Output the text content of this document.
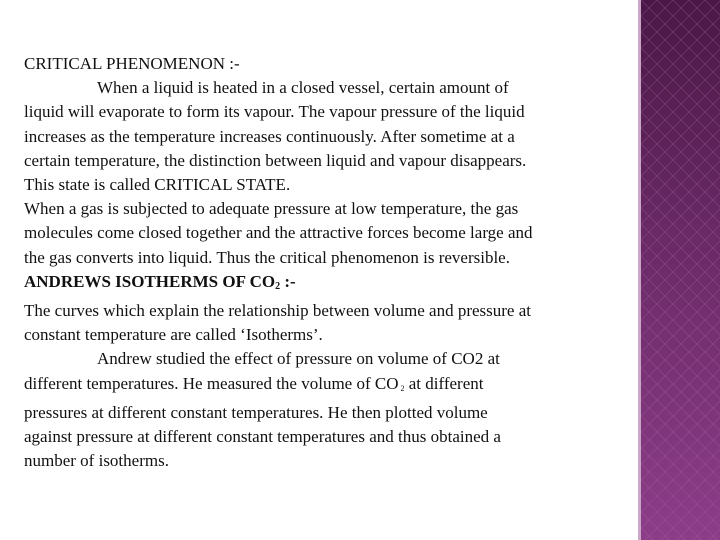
CRITICAL PHENOMENON :-
When a liquid is heated in a closed vessel, certain amount of
liquid will evaporate to form its vapour. The vapour pressure of the liquid
increases as the temperature increases continuously. After sometime at a
certain temperature, the distinction between liquid and vapour disappears.
This state is called CRITICAL STATE.
When a gas is subjected to adequate pressure at low temperature, the gas
molecules come closed together and the attractive forces become large and
the gas converts into liquid. Thus the critical phenomenon is reversible.
ANDREWS ISOTHERMS OF $CO_2$ :-
The curves which explain the relationship between volume and pressure at
constant temperature are called ‘Isotherms’.
Andrew studied the effect of pressure on volume of CO2 at
different temperatures. He measured the volume of CO 2 at different
pressures at different constant temperatures. He then plotted volume
against pressure at different constant temperatures and thus obtained a
number of isotherms.
